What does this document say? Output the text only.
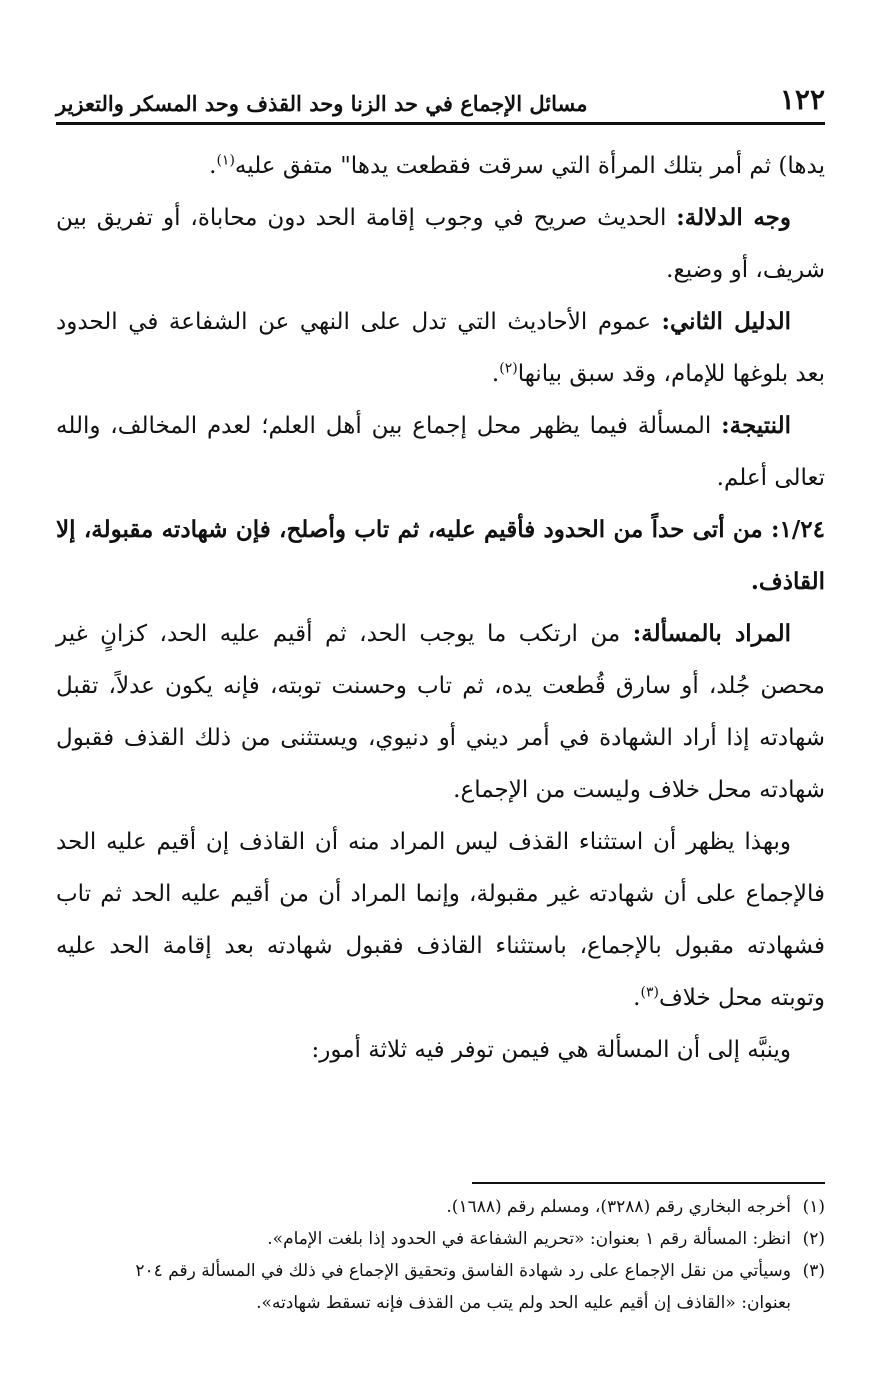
١٢٢
مسائل الإجماع في حد الزنا وحد القذف وحد المسكر والتعزير

يدها) ثم أمر بتلك المرأة التي سرقت فقطعت يدها" متفق عليه$^{(١)}$.

وجه الدلالة: الحديث صريح في وجوب إقامة الحد دون محاباة، أو تفريق بين شريف، أو وضيع.

الدليل الثاني: عموم الأحاديث التي تدل على النهي عن الشفاعة في الحدود بعد بلوغها للإمام، وقد سبق بيانها$^{(٢)}$.

النتيجة: المسألة فيما يظهر محل إجماع بين أهل العلم؛ لعدم المخالف، والله تعالى أعلم.

١/٢٤: من أتى حداً من الحدود فأقيم عليه، ثم تاب وأصلح، فإن شهادته مقبولة، إلا القاذف.

المراد بالمسألة: من ارتكب ما يوجب الحد، ثم أقيم عليه الحد، كزانٍ غير محصن جُلد، أو سارق قُطعت يده، ثم تاب وحسنت توبته، فإنه يكون عدلاً، تقبل شهادته إذا أراد الشهادة في أمر ديني أو دنيوي، ويستثنى من ذلك القذف فقبول شهادته محل خلاف وليست من الإجماع.

وبهذا يظهر أن استثناء القذف ليس المراد منه أن القاذف إن أقيم عليه الحد فالإجماع على أن شهادته غير مقبولة، وإنما المراد أن من أقيم عليه الحد ثم تاب فشهادته مقبول بالإجماع، باستثناء القاذف فقبول شهادته بعد إقامة الحد عليه وتوبته محل خلاف$^{(٣)}$.

وينبَّه إلى أن المسألة هي فيمن توفر فيه ثلاثة أمور:

(١)أخرجه البخاري رقم (٣٢٨٨)، ومسلم رقم (١٦٨٨).

(٢)انظر: المسألة رقم ١ بعنوان: «تحريم الشفاعة في الحدود إذا بلغت الإمام».

(٣)وسيأتي من نقل الإجماع على رد شهادة الفاسق وتحقيق الإجماع في ذلك في المسألة رقم ٢٠٤

بعنوان: «القاذف إن أقيم عليه الحد ولم يتب من القذف فإنه تسقط شهادته».
